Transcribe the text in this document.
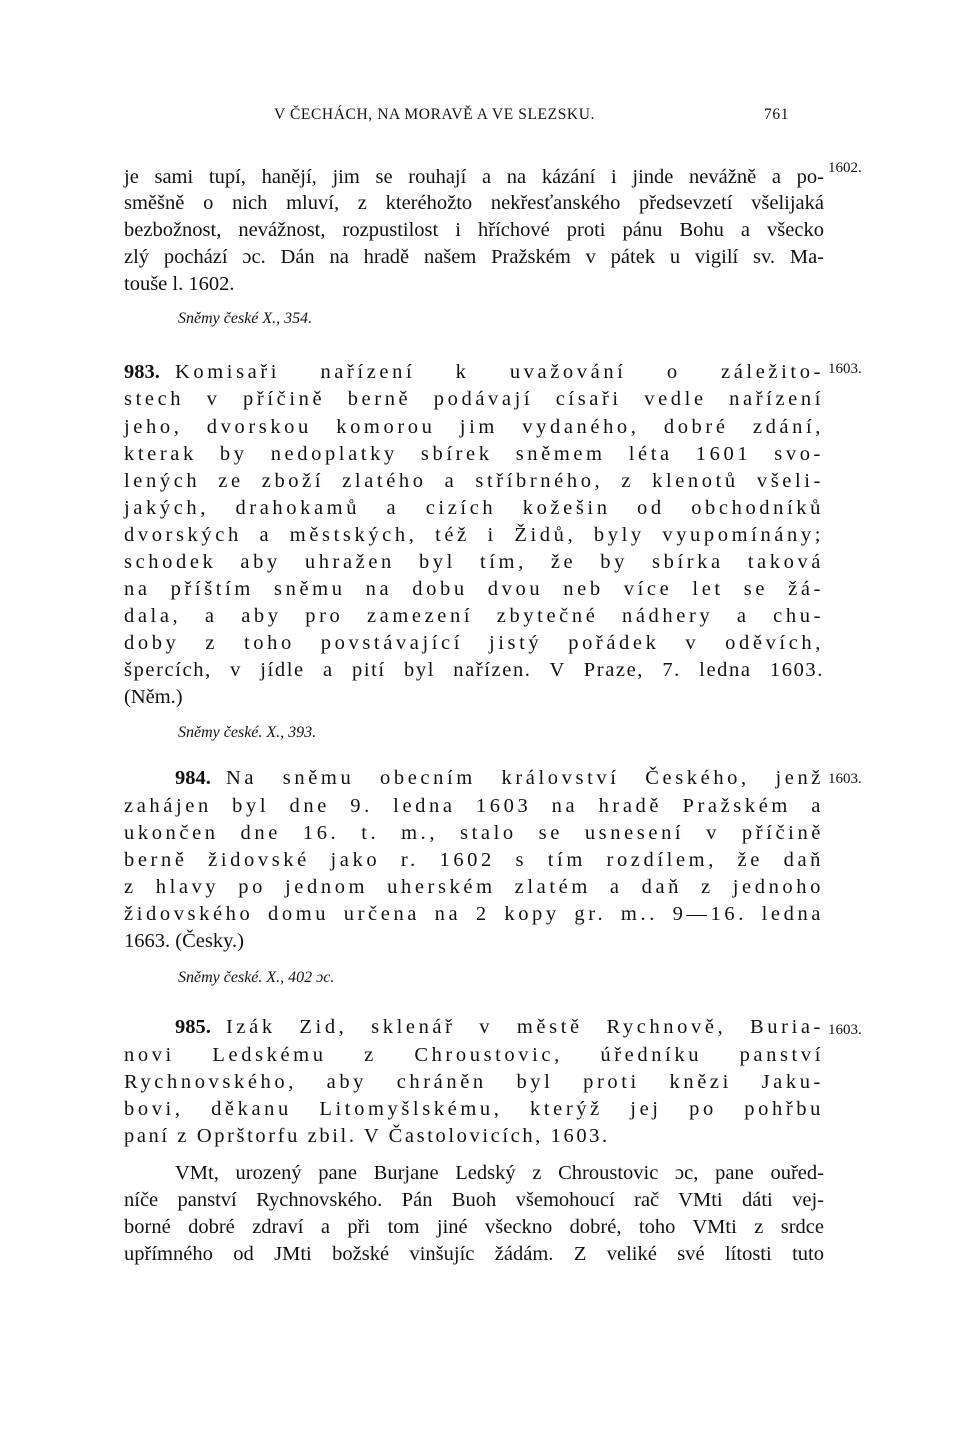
V ČECHÁCH, NA MORAVĚ A VE SLEZSKU.	761
1602.
je sami tupí, hanějí, jim se rouhají a na kázání i jinde nevážně a po-
směšně o nich mluví, z kteréhožto nekřesťanského předsevzetí všelijaká
bezbožnost, nevážnost, rozpustilost i hříchové proti pánu Bohu a všecko
zlý pochází ɔc. Dán na hradě našem Pražském v pátek u vigilí sv. Ma-
touše l. 1602.
Sněmy české X., 354.
1603.
Komisaři nařízení k uvažování o záležito-
983.
stech v příčině berně podávají císaři vedle nařízení
jeho, dvorskou komorou jim vydaného, dobré zdání,
kterak by nedoplatky sbírek sněmem léta 1601 svo-
lených ze zboží zlatého a stříbrného, z klenotů všeli-
jakých, drahokamů a cizích kožešin od obchodníků
dvorských a městských, též i Židů, byly vyupomínány;
schodek aby uhražen byl tím, že by sbírka taková
na příštím sněmu na dobu dvou neb více let se žá-
dala, a aby pro zamezení zbytečné nádhery a chu-
doby z toho povstávající jistý pořádek v oděvích,
špercích, v jídle a pití byl nařízen. V Praze, 7. ledna 1603.
(Něm.)
Sněmy české. X., 393.
1603.
984. Na sněmu obecním království Českého, jenž
zahájen byl dne 9. ledna 1603 na hradě Pražském a
ukončen dne 16. t. m., stalo se usnesení v příčině
berně židovské jako r. 1602 s tím rozdílem, že daň
z hlavy po jednom uherském zlatém a daň z jednoho
židovského domu určena na 2 kopy gr. m.. 9—16. ledna
1663. (Česky.)
Sněmy české. X., 402 ɔc.
1603.
985. Izák Zid, sklenář v městě Rychnově, Buria-
novi Ledskému z Chroustovic, úředníku panství
Rychnovského, aby chráněn byl proti knězi Jaku-
bovi, děkanu Litomyšlskému, kterýž jej po pohřbu
paní z Oprštorfu zbil. V Častolovicích, 1603.
VMt, urozený pane Burjane Ledský z Chroustovic ɔc, pane ouřed-
níče panství Rychnovského. Pán Buoh všemohoucí rač VMti dáti vej-
borné dobré zdraví a při tom jiné všeckno dobré, toho VMti z srdce
upřímného od JMti božské vinšujíc žádám. Z veliké své lítosti tuto
